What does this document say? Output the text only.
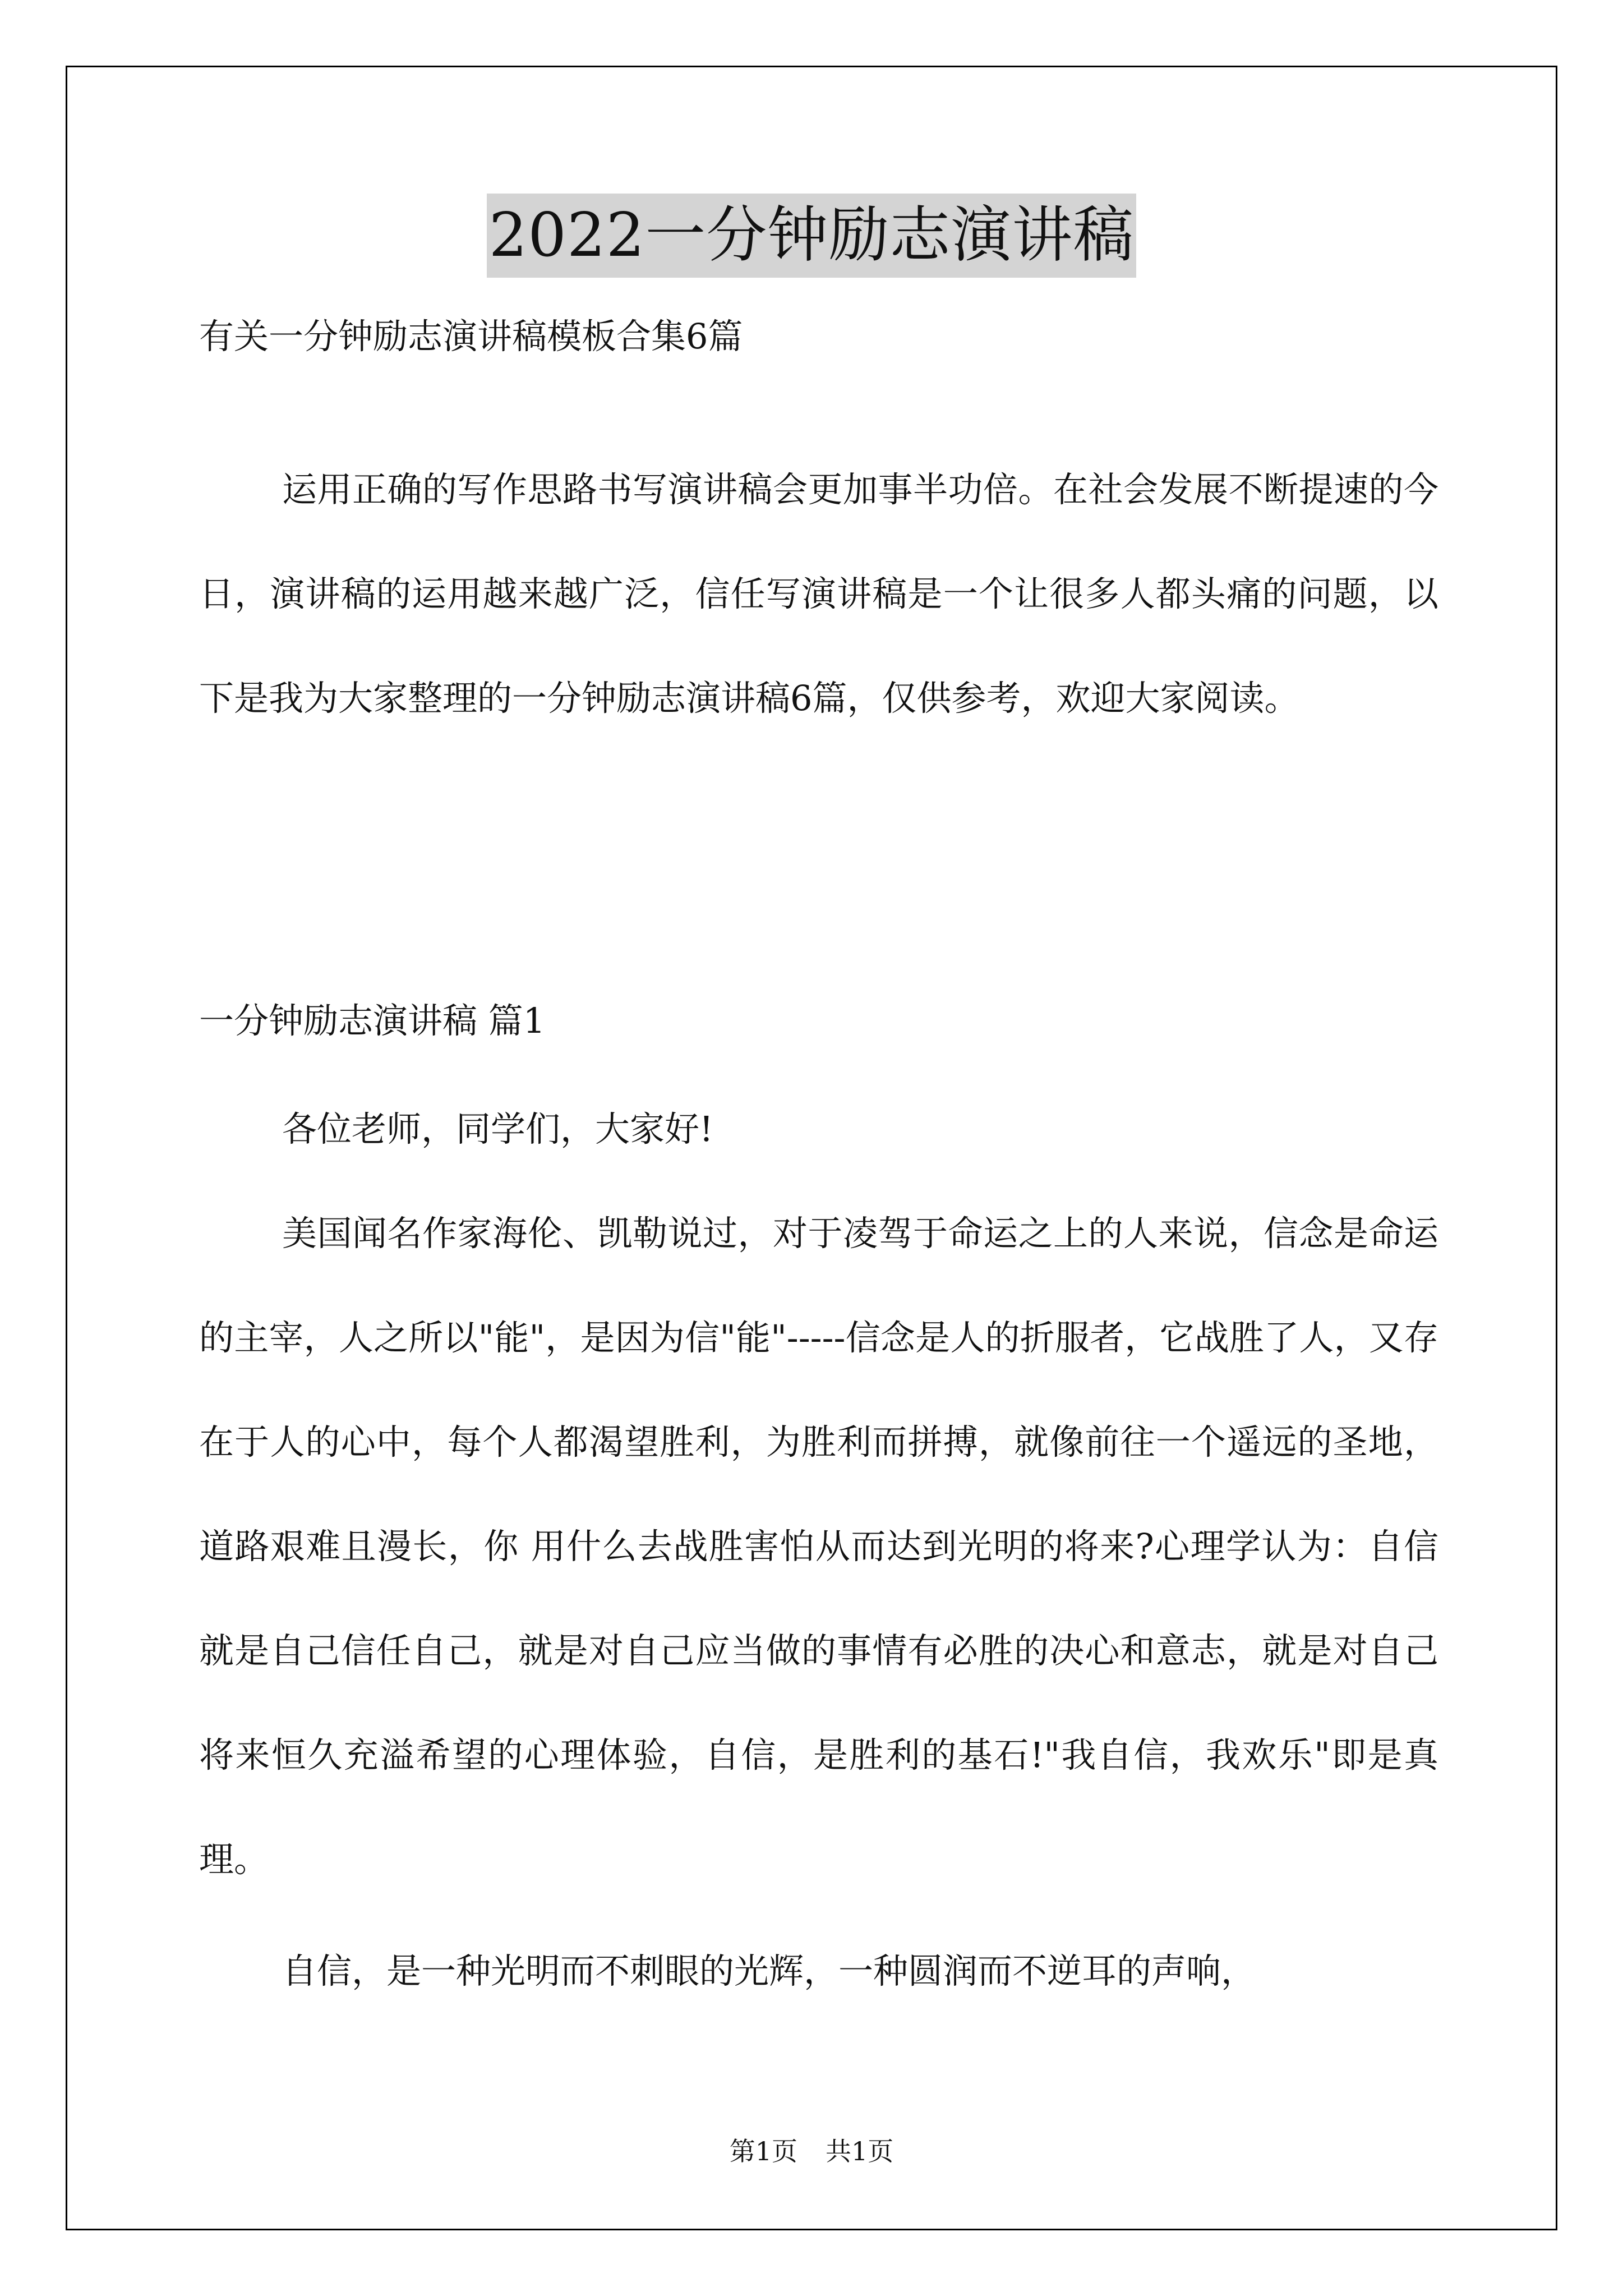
2022一分钟励志演讲稿
有关一分钟励志演讲稿模板合集6篇

运用正确的写作思路书写演讲稿会更加事半功倍。在社会发展不断提速的今日，演讲稿的运用越来越广泛，信任写演讲稿是一个让很多人都头痛的问题，以下是我为大家整理的一分钟励志演讲稿6篇，仅供参考，欢迎大家阅读。

一分钟励志演讲稿 篇1

各位老师，同学们，大家好!

美国闻名作家海伦、凯勒说过，对于凌驾于命运之上的人来说，信念是命运的主宰，人之所以"能"，是因为信"能"-----信念是人的折服者，它战胜了人，又存在于人的心中，每个人都渴望胜利，为胜利而拼搏，就像前往一个遥远的圣地，道路艰难且漫长，你 用什么去战胜害怕从而达到光明的将来?心理学认为：自信就是自己信任自己，就是对自己应当做的事情有必胜的决心和意志，就是对自己将来恒久充溢希望的心理体验，自信，是胜利的基石!"我自信，我欢乐"即是真理。

自信，是一种光明而不刺眼的光辉，一种圆润而不逆耳的声响，

第1页 共1页
